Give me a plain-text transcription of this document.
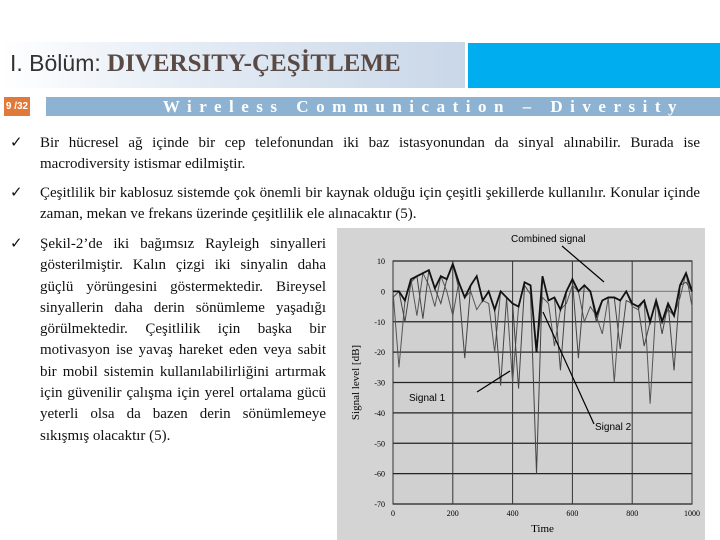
I. Bölüm: DIVERSITY-ÇEŞİTLEME
9 /32	Wireless Communication – Diversity
✓ Bir hücresel ağ içinde bir cep telefonundan iki baz istasyonundan da sinyal alınabilir. Burada ise macrodiversity istismar edilmiştir.
✓ Çeşitlilik bir kablosuz sistemde çok önemli bir kaynak olduğu için çeşitli şekillerde kullanılır. Konular içinde zaman, mekan ve frekans üzerinde çeşitlilik ele alınacaktır (5).
✓ Şekil-2’de iki bağımsız Rayleigh sinyalleri gösterilmiştir. Kalın çizgi iki sinyalin daha güçlü yörüngesini göstermektedir. Bireysel sinyallerin daha derin sönümleme yaşadığı görülmektedir. Çeşitlilik için başka bir motivasyon ise yavaş hareket eden veya sabit bir mobil sistemin kullanılabilirliğini artırmak için güvenilir çalışma için yerel ortalama gücü yeterli olsa da bazen derin sönümlemeye sıkışmış olacaktır (5).
10
0
-10
-20
-30
-40
-50
-60
-70
0	200	400	600	800	1000
Time
Signal level [dB]
Combined signal
Signal 1
Signal 2
